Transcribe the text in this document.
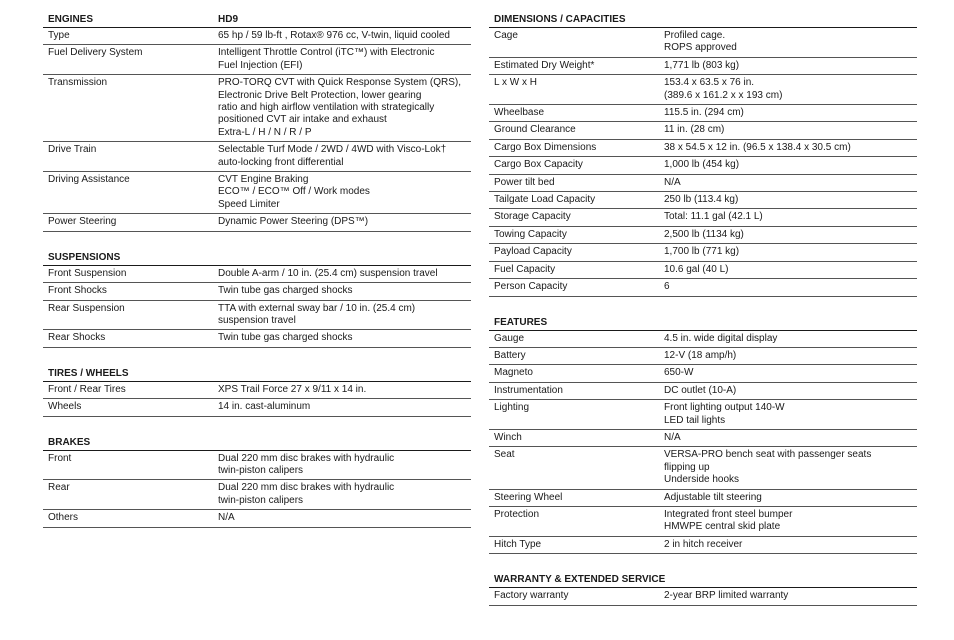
ENGINES	HD9
Type	65 hp / 59 lb-ft , Rotax® 976 cc, V-twin, liquid cooled
Fuel Delivery System	Intelligent Throttle Control (iTC™) with Electronic
Fuel Injection (EFI)
Transmission	PRO-TORQ CVT with Quick Response System (QRS),
Electronic Drive Belt Protection, lower gearing
ratio and high airflow ventilation with strategically
positioned CVT air intake and exhaust
Extra-L / H / N / R / P
Drive Train	Selectable Turf Mode / 2WD / 4WD with Visco-Lok†
auto-locking front differential
Driving Assistance	CVT Engine Braking
ECO™ / ECO™ Off / Work modes
Speed Limiter
Power Steering	Dynamic Power Steering (DPS™)
SUSPENSIONS
Front Suspension	Double A-arm / 10 in. (25.4 cm) suspension travel
Front Shocks	Twin tube gas charged shocks
Rear Suspension	TTA with external sway bar / 10 in. (25.4 cm)
suspension travel
Rear Shocks	Twin tube gas charged shocks
TIRES / WHEELS
Front / Rear Tires	XPS Trail Force 27 x 9/11 x 14 in.
Wheels	14 in. cast-aluminum
BRAKES
Front	Dual 220 mm disc brakes with hydraulic
twin-piston calipers
Rear	Dual 220 mm disc brakes with hydraulic
twin-piston calipers
Others	N/A
DIMENSIONS / CAPACITIES
Cage	Profiled cage.
ROPS approved
Estimated Dry Weight*	1,771 lb (803 kg)
L x W x H	153.4 x 63.5 x 76 in.
(389.6 x 161.2 x x 193 cm)
Wheelbase	115.5 in. (294 cm)
Ground Clearance	11 in. (28 cm)
Cargo Box Dimensions	38 x 54.5 x 12 in. (96.5 x 138.4 x 30.5 cm)
Cargo Box Capacity	1,000 lb (454 kg)
Power tilt bed	N/A
Tailgate Load Capacity	250 lb (113.4 kg)
Storage Capacity	Total: 11.1 gal (42.1 L)
Towing Capacity	2,500 lb (1134 kg)
Payload Capacity	1,700 lb (771 kg)
Fuel Capacity	10.6 gal (40 L)
Person Capacity	6
FEATURES
Gauge	4.5 in. wide digital display
Battery	12-V (18 amp/h)
Magneto	650-W
Instrumentation	DC outlet (10-A)
Lighting	Front lighting output 140-W
LED tail lights
Winch	N/A
Seat	VERSA-PRO bench seat with passenger seats
flipping up
Underside hooks
Steering Wheel	Adjustable tilt steering
Protection	Integrated front steel bumper
HMWPE central skid plate
Hitch Type	2 in hitch receiver
WARRANTY & EXTENDED SERVICE
Factory warranty	2-year BRP limited warranty
